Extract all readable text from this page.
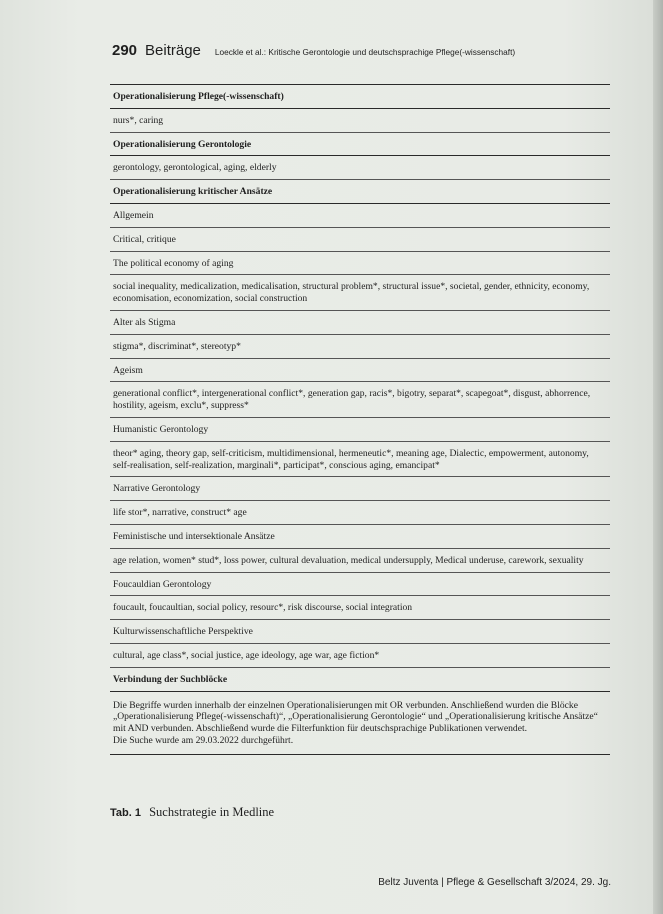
290 Beiträge Loeckle et al.: Kritische Gerontologie und deutschsprachige Pflege(-wissenschaft)
Operationalisierung Pflege(-wissenschaft)
nurs*, caring
Operationalisierung Gerontologie
gerontology, gerontological, aging, elderly
Operationalisierung kritischer Ansätze
Allgemein
Critical, critique
The political economy of aging
social inequality, medicalization, medicalisation, structural problem*, structural issue*, societal, gender, ethnicity, economy, economisation, economization, social construction
Alter als Stigma
stigma*, discriminat*, stereotyp*
Ageism
generational conflict*, intergenerational conflict*, generation gap, racis*, bigotry, separat*, scapegoat*, disgust, abhorrence, hostility, ageism, exclu*, suppress*
Humanistic Gerontology
theor* aging, theory gap, self-criticism, multidimensional, hermeneutic*, meaning age, Dialectic, empowerment, autonomy, self-realisation, self-realization, marginali*, participat*, conscious aging, emancipat*
Narrative Gerontology
life stor*, narrative, construct* age
Feministische und intersektionale Ansätze
age relation, women* stud*, loss power, cultural devaluation, medical undersupply, Medical underuse, carework, sexuality
Foucauldian Gerontology
foucault, foucaultian, social policy, resourc*, risk discourse, social integration
Kulturwissenschaftliche Perspektive
cultural, age class*, social justice, age ideology, age war, age fiction*
Verbindung der Suchblöcke

Die Begriffe wurden innerhalb der einzelnen Operationalisierungen mit OR verbunden. Anschließend wurden die Blöcke „Operationalisierung Pflege(-wissenschaft)“, „Operationalisierung Gerontologie“ und „Operationalisierung kritische Ansätze“ mit AND verbunden. Abschließend wurde die Filterfunktion für deutschsprachige Publikationen verwendet.

Die Suche wurde am 29.03.2022 durchgeführt.

Tab. 1 Suchstrategie in Medline
Beltz Juventa | Pflege & Gesellschaft 3/2024, 29. Jg.
